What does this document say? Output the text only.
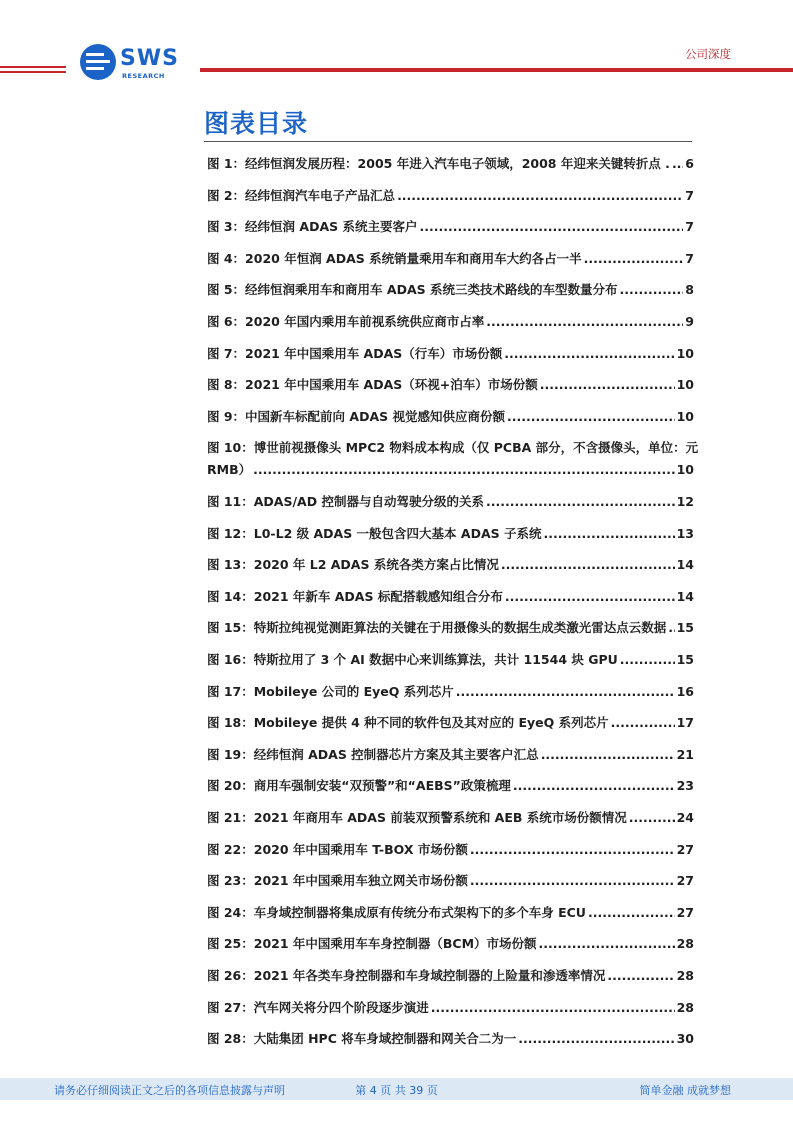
SWS
RESEARCH
公司深度
图表目录
图 1：经纬恒润发展历程：2005 年进入汽车电子领域，2008 年迎来关键转折点 . ..... 6
图 2：经纬恒润汽车电子产品汇总 .....	7
图 3：经纬恒润 ADAS 系统主要客户 .....	7
图 4：2020 年恒润 ADAS 系统销量乘用车和商用车大约各占一半 .....	7
图 5：经纬恒润乘用车和商用车 ADAS 系统三类技术路线的车型数量分布 .....	8
图 6：2020 年国内乘用车前视系统供应商市占率 .....	9
图 7：2021 年中国乘用车 ADAS（行车）市场份额 .....	10
图 8：2021 年中国乘用车 ADAS（环视+泊车）市场份额 .....	10
图 9：中国新车标配前向 ADAS 视觉感知供应商份额 .....	10
图 10：博世前视摄像头 MPC2 物料成本构成（仅 PCBA 部分，不含摄像头，单位：元
RMB） .....	10
图 11：ADAS/AD 控制器与自动驾驶分级的关系 .....	12
图 12：L0-L2 级 ADAS 一般包含四大基本 ADAS 子系统 .....	13
图 13：2020 年 L2 ADAS 系统各类方案占比情况 .....	14
图 14：2021 年新车 ADAS 标配搭载感知组合分布 .....	14
图 15：特斯拉纯视觉测距算法的关键在于用摄像头的数据生成类激光雷达点云数据 ..... 15
图 16：特斯拉用了 3 个 AI 数据中心来训练算法，共计 11544 块 GPU .....	15
图 17：Mobileye 公司的 EyeQ 系列芯片 .....	16
图 18：Mobileye 提供 4 种不同的软件包及其对应的 EyeQ 系列芯片 .....	17
图 19：经纬恒润 ADAS 控制器芯片方案及其主要客户汇总 .....	21
图 20：商用车强制安装“双预警”和“AEBS”政策梳理 .....	23
图 21：2021 年商用车 ADAS 前装双预警系统和 AEB 系统市场份额情况 .....	24
图 22：2020 年中国乘用车 T-BOX 市场份额 .....	27
图 23：2021 年中国乘用车独立网关市场份额 .....	27
图 24：车身域控制器将集成原有传统分布式架构下的多个车身 ECU .....	27
图 25：2021 年中国乘用车车身控制器（BCM）市场份额 .....	28
图 26：2021 年各类车身控制器和车身域控制器的上险量和渗透率情况 .....	28
图 27：汽车网关将分四个阶段逐步演进 .....	28
图 28：大陆集团 HPC 将车身域控制器和网关合二为一 .....	30
请务必仔细阅读正文之后的各项信息披露与声明	第 4 页 共 39 页	简单金融 成就梦想
